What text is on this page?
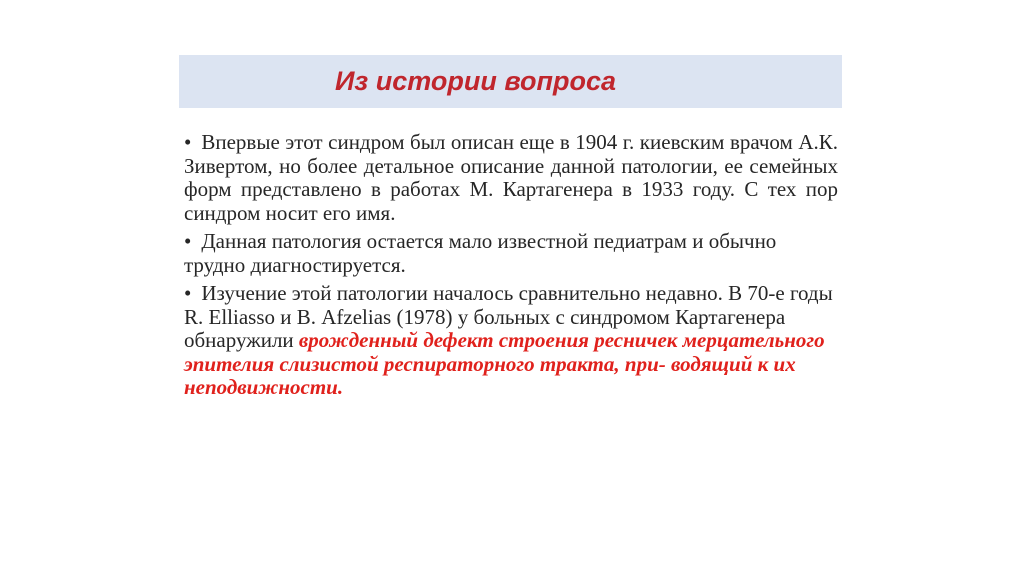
Из истории вопроса

• Впервые этот синдром был описан еще в 1904 г. киевским врачом А.К. Зивертом, но более детальное описание данной патологии, ее семейных форм представлено в работах М. Картагенера в 1933 году. С тех пор синдром носит его имя.

• Данная патология остается мало известной педиатрам и обычно трудно диагностируется.

• Изучение этой патологии началось сравнительно недавно. В 70-е годы R. Elliasso и В. Afzelias (1978) у больных с синдромом Картагенера обнаружили врожденный дефект строения ресничек мерцательного эпителия слизистой респираторного тракта, при- водящий к их неподвижности.
